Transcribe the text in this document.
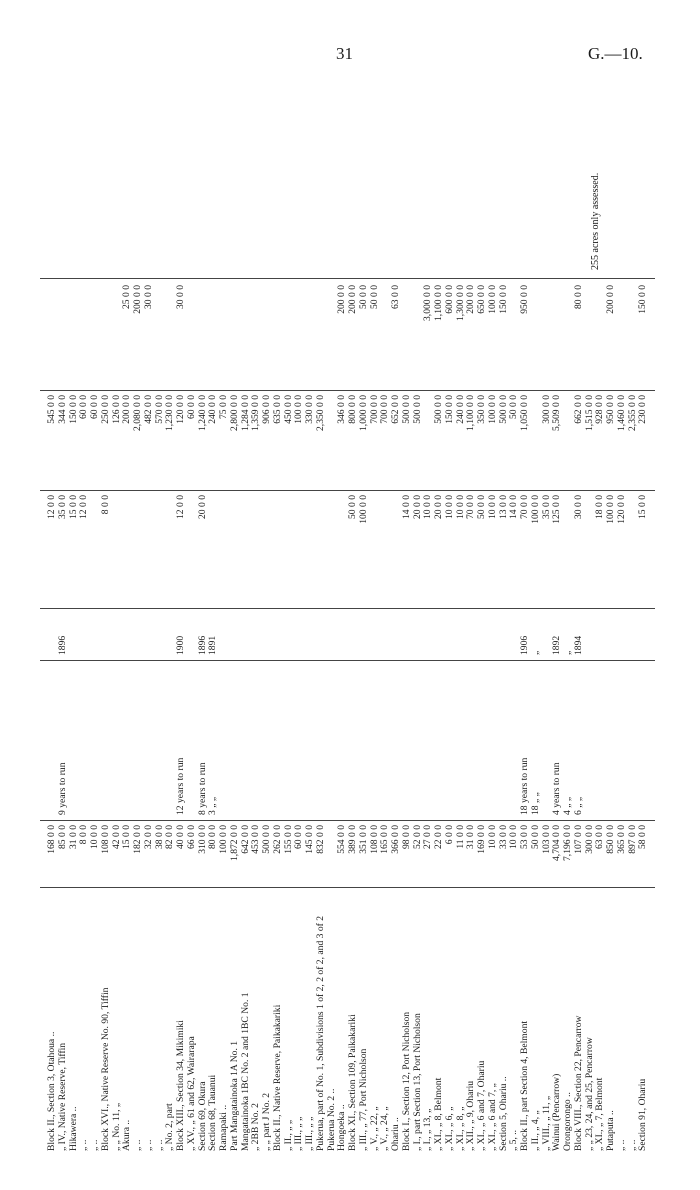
31	G.—10.
Block II., Section 3, Otahoua ..
168 0 0
12 0 0
545 0 0
„ IV., Native Reserve, Tiffin
85 0 0
9 years to run
1896
35 0 0
344 0 0
Hikawera ..
31 0 0
15 0 0
150 0 0
„ ..
8 0 0
12 0 0
60 0 0
„ ..
10 0 0
60 0 0
Block XVI., Native Reserve No. 90, Tiffin
108 0 0
8 0 0
250 0 0
„ „ No. 11, „
42 0 0
126 0 0
Akura ..
15 0 0
200 0 0
25 0 0
„ ..
182 0 0
2,080 0 0
200 0 0
„ ..
32 0 0
482 0 0
30 0 0
„ ..
38 0 0
570 0 0
„ No. 2, part
82 0 0
1,230 0 0
Block XIII., Section 34, Mikimiki
40 0 0
12 years to run
1900
12 0 0
120 0 0
30 0 0
„ XV., „ 61 and 62, Wairarapa
66 0 0
60 0 0
Section 69, Okura
310 0 0
8 years to run
1896
20 0 0
1,240 0 0
Section 68, Tauanui
80 0 0
3 „ „
1891
240 0 0
Ramapaki ..
100 0 0
75 0 0
Part Mangatainoka 1A No. 1
1,872 0 0
2,800 0 0
Mangatainoka 1BC No. 2 and 1BC No. 1
642 0 0
1,284 0 0
„ 2BB No. 2
453 0 0
1,359 0 0
„ „ part J No. 2
500 0 0
906 0 0
Block II., Native Reserve, Paikakariki
262 0 0
635 0 0
„ II., „ „
155 0 0
450 0 0
„ III., „ „
60 0 0
100 0 0
„ III., „ „
145 0 0
330 0 0
Pukerua, part of No. 1, Subdivisions 1 of 2, 2 of 2, and 3 of 2
832 0 0
2,350 0 0
Pukerua No. 2 .. Hongoeka ..
554 0 0
346 0 0
200 0 0
Block XI., Section 109, Paikakariki
389 0 0
50 0 0
800 0 0
200 0 0
„ III., „ 77, Port Nicholson
351 0 0
100 0 0
1,000 0 0
50 0 0
„ V., „ 22, „
108 0 0
700 0 0
50 0 0
„ V., „ 24, „
165 0 0
700 0 0
Ohariu ..
366 0 0
652 0 0
63 0 0
Block I., Section 12, Port Nicholson
98 0 0
14 0 0
500 0 0
„ I., part Section 13, Port Nicholson
52 0 0
20 0 0
500 0 0
„ I., „ 13, „
27 0 0
10 0 0
3,000 0 0
„ XI., „ 8, Belmont
22 0 0
20 0 0
500 0 0
1,100 0 0
„ XI., „ 6, „
6 0 0
10 0 0
150 0 0
600 0 0
„ XI., „ 8, „
11 0 0
10 0 0
240 0 0
1,300 0 0
„ XII., „ 9, Ohariu
31 0 0
70 0 0
1,100 0 0
200 0 0
„ XI., „ 6 and 7, Ohariu
169 0 0
50 0 0
350 0 0
650 0 0
„ XI., „ 6 and 7, „
10 0 0
10 0 0
100 0 0
100 0 0
Section 5, Ohariu ..
33 0 0
13 0 0
500 0 0
150 0 0
„ 5, ..
10 0 0
14 0 0
50 0 0
Block II., part Section 4, Belmont
53 0 0
18 years to run
1906
70 0 0
1,050 0 0
950 0 0
„ II., „ 4, „
50 0 0
18 „ „
„
100 0 0
„ VIII., „ 11, „
103 0 0
35 0 0
300 0 0
Wainui (Pencarrow)
4,704 0 0
4 years to run
1892
125 0 0
5,509 0 0
Orongorongo ..
7,196 0 0
4 „ „
„
Block VIII., Section 22, Pencarrow
107 0 0
6 „ „
1894
30 0 0
662 0 0
80 0 0
„ „ 23, 24, and 25, Pencarrow
300 0 0
1,515 0 0
„ XI., „ 7, Belmont
63 0 0
18 0 0
928 0 0
Putaputa ..
850 0 0
100 0 0
950 0 0
200 0 0
„ ..
365 0 0
120 0 0
1,460 0 0
„ ..
897 0 0
2,355 0 0
Section 91, Ohariu
58 0 0
15 0 0
230 0 0
150 0 0
255 acres only assessed.
